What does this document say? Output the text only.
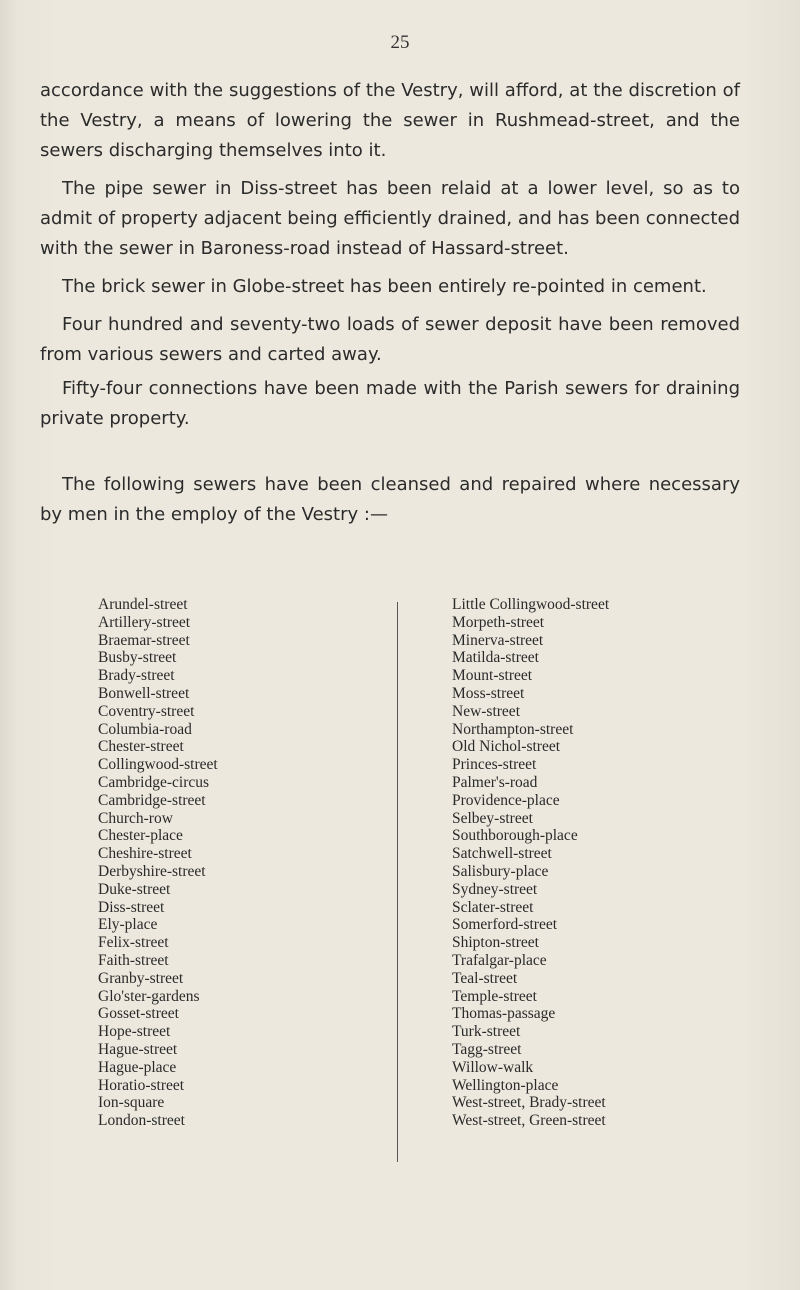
25

accordance with the suggestions of the Vestry, will afford, at the discretion of the Vestry, a means of lowering the sewer in Rushmead-street, and the sewers discharging themselves into it.

The pipe sewer in Diss-street has been relaid at a lower level, so as to admit of property adjacent being efficiently drained, and has been connected with the sewer in Baroness-road instead of Hassard-street.

The brick sewer in Globe-street has been entirely re-pointed in cement.

Four hundred and seventy-two loads of sewer deposit have been removed from various sewers and carted away.

Fifty-four connections have been made with the Parish sewers for draining private property.

The following sewers have been cleansed and repaired where necessary by men in the employ of the Vestry :—

Arundel-street
Artillery-street
Braemar-street
Busby-street
Brady-street
Bonwell-street
Coventry-street
Columbia-road
Chester-street
Collingwood-street
Cambridge-circus
Cambridge-street
Church-row
Chester-place
Cheshire-street
Derbyshire-street
Duke-street
Diss-street
Ely-place
Felix-street
Faith-street
Granby-street
Glo'ster-gardens
Gosset-street
Hope-street
Hague-street
Hague-place
Horatio-street
Ion-square
London-street
Little Collingwood-street
Morpeth-street
Minerva-street
Matilda-street
Mount-street
Moss-street
New-street
Northampton-street
Old Nichol-street
Princes-street
Palmer's-road
Providence-place
Selbey-street
Southborough-place
Satchwell-street
Salisbury-place
Sydney-street
Sclater-street
Somerford-street
Shipton-street
Trafalgar-place
Teal-street
Temple-street
Thomas-passage
Turk-street
Tagg-street
Willow-walk
Wellington-place
West-street, Brady-street
West-street, Green-street
